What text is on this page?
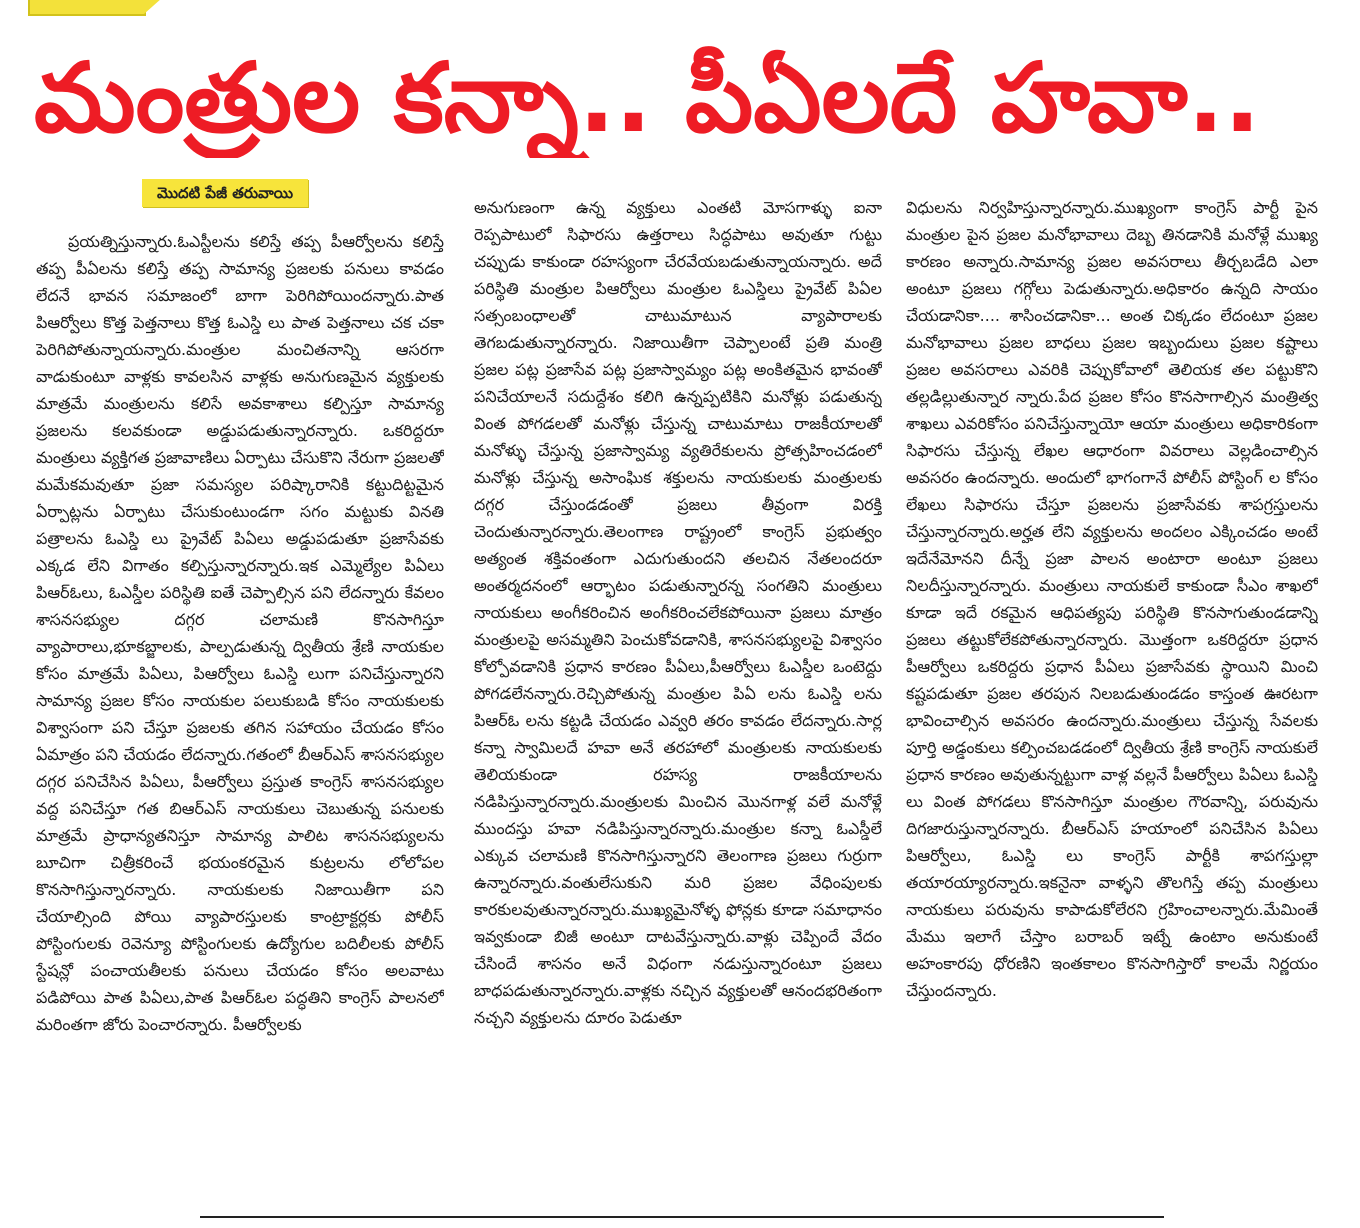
మంత్రుల కన్నా.. పీఏలదే హవా..
మొదటి పేజీ తరువాయి

ప్రయత్నిస్తున్నారు.ఓఎస్టీలను కలిస్తే తప్ప పీఆర్వోలను కలిస్తే తప్ప పీఏలను కలిస్తే తప్ప సామాన్య ప్రజలకు పనులు కావడం లేదనే భావన సమాజంలో బాగా పెరిగిపోయిందన్నారు.పాత పిఆర్వోలు కొత్త పెత్తనాలు కొత్త ఓఎస్డి లు పాత పెత్తనాలు చక చకా పెరిగిపోతున్నాయన్నారు.మంత్రుల మంచితనాన్ని ఆసరగా వాడుకుంటూ వాళ్లకు కావలసిన వాళ్లకు అనుగుణమైన వ్యక్తులకు మాత్రమే మంత్రులను కలిసే అవకాశాలు కల్పిస్తూ సామాన్య ప్రజలను కలవకుండా అడ్డుపడుతున్నారన్నారు. ఒకరిద్దరూ మంత్రులు వ్యక్తిగత ప్రజావాణిలు ఏర్పాటు చేసుకొని నేరుగా ప్రజలతో మమేకమవుతూ ప్రజా సమస్యల పరిష్కారానికి కట్టుదిట్టమైన ఏర్పాట్లను ఏర్పాటు చేసుకుంటుండగా సగం మట్టుకు వినతి పత్రాలను ఓఎస్డి లు ప్రైవేట్ పిఏలు అడ్డుపడుతూ ప్రజాసేవకు ఎక్కడ లేని విగాతం కల్పిస్తున్నారన్నారు.ఇక ఎమ్మెల్యేల పిఏలు పిఆర్ఓలు, ఓఎస్డీల పరిస్థితి ఐతే చెప్పాల్సిన పని లేదన్నారు కేవలం శాసనసభ్యుల దగ్గర చలామణి కొనసాగిస్తూ వ్యాపారాలు,భూకబ్జాలకు, పాల్పడుతున్న ద్వితీయ శ్రేణి నాయకుల కోసం మాత్రమే పిఏలు, పిఆర్వోలు ఓఎస్డి లుగా పనిచేస్తున్నారని సామాన్య ప్రజల కోసం నాయకుల పలుకుబడి కోసం నాయకులకు విశ్వాసంగా పని చేస్తూ ప్రజలకు తగిన సహాయం చేయడం కోసం ఏమాత్రం పని చేయడం లేదన్నారు.గతంలో బీఆర్ఎస్ శాసనసభ్యుల దగ్గర పనిచేసిన పిఏలు, పీఆర్వోలు ప్రస్తుత కాంగ్రెస్ శాసనసభ్యుల వద్ద పనిచేస్తూ గత బిఆర్ఎస్ నాయకులు చెబుతున్న పనులకు మాత్రమే ప్రాధాన్యతనిస్తూ సామాన్య పాలిట శాసనసభ్యులను బూచిగా చిత్రీకరించే భయంకరమైన కుట్రలను లోలోపల కొనసాగిస్తున్నారన్నారు. నాయకులకు నిజాయితీగా పని చేయాల్సింది పోయి వ్యాపారస్తులకు కాంట్రాక్టర్లకు పోలీస్ పోస్టింగులకు రెవెన్యూ పోస్టింగులకు ఉద్యోగుల బదిలీలకు పోలీస్ స్టేషన్లో పంచాయతీలకు పనులు చేయడం కోసం అలవాటు పడిపోయి పాత పిఏలు,పాత పిఆర్ఓల పద్ధతిని కాంగ్రెస్ పాలనలో మరింతగా జోరు పెంచారన్నారు. పీఆర్వోలకు

అనుగుణంగా ఉన్న వ్యక్తులు ఎంతటి మోసగాళ్ళు ఐనా రెప్పపాటులో సిఫారసు ఉత్తరాలు సిద్ధపాటు అవుతూ గుట్టు చప్పుడు కాకుండా రహస్యంగా చేరవేయబడుతున్నాయన్నారు. అదే పరిస్థితి మంత్రుల పిఆర్వోలు మంత్రుల ఓఎస్డిలు ప్రైవేట్ పిఏల సత్సంబంధాలతో చాటుమాటున వ్యాపారాలకు తెగబడుతున్నారన్నారు. నిజాయితీగా చెప్పాలంటే ప్రతి మంత్రి ప్రజల పట్ల ప్రజాసేవ పట్ల ప్రజాస్వామ్యం పట్ల అంకితమైన భావంతో పనిచేయాలనే సదుద్దేశం కలిగి ఉన్నప్పటికిని మనోళ్లు పడుతున్న వింత పోగడలతో మనోళ్లు చేస్తున్న చాటుమాటు రాజకీయాలతో మనోళ్ళు చేస్తున్న ప్రజాస్వామ్య వ్యతిరేకులను ప్రోత్సహించడంలో మనోళ్లు చేస్తున్న అసాంఘిక శక్తులను నాయకులకు మంత్రులకు దగ్గర చేస్తుండడంతో ప్రజలు తీవ్రంగా విరక్తి చెందుతున్నారన్నారు.తెలంగాణ రాష్ట్రంలో కాంగ్రెస్ ప్రభుత్వం అత్యంత శక్తివంతంగా ఎదుగుతుందని తలచిన నేతలందరూ అంతర్మదనంలో ఆర్భాటం పడుతున్నారన్న సంగతిని మంత్రులు నాయకులు అంగీకరించిన అంగీకరించలేకపోయినా ప్రజలు మాత్రం మంత్రులపై అసమ్మతిని పెంచుకోవడానికి, శాసనసభ్యులపై విశ్వాసం కోల్పోవడానికి ప్రధాన కారణం పీఏలు,పీఆర్వోలు ఓఎస్డీల ఒంటెద్దు పోగడలేనన్నారు.రెచ్చిపోతున్న మంత్రుల పిఏ లను ఓఎస్డి లను పిఆర్ఓ లను కట్టడి చేయడం ఎవ్వరి తరం కావడం లేదన్నారు.సార్ల కన్నా స్వామిలదే హవా అనే తరహాలో మంత్రులకు నాయకులకు తెలియకుండా రహస్య రాజకీయాలను నడిపిస్తున్నారన్నారు.మంత్రులకు మించిన మొనగాళ్ల వలే మనోళ్లే ముందస్తు హవా నడిపిస్తున్నారన్నారు.మంత్రుల కన్నా ఓఎస్డీలే ఎక్కువ చలామణి కొనసాగిస్తున్నారని తెలంగాణ ప్రజలు గుర్రుగా ఉన్నారన్నారు.వంతులేసుకుని మరి ప్రజల వేధింపులకు కారకులవుతున్నారన్నారు.ముఖ్యమైనోళ్ళ ఫోన్లకు కూడా సమాధానం ఇవ్వకుండా బిజీ అంటూ దాటవేస్తున్నారు.వాళ్లు చెప్పిందే వేదం చేసిందే శాసనం అనే విధంగా నడుస్తున్నారంటూ ప్రజలు బాధపడుతున్నారన్నారు.వాళ్లకు నచ్చిన వ్యక్తులతో ఆనందభరితంగా నచ్చని వ్యక్తులను దూరం పెడుతూ

విధులను నిర్వహిస్తున్నారన్నారు.ముఖ్యంగా కాంగ్రెస్ పార్టీ పైన మంత్రుల పైన ప్రజల మనోభావాలు దెబ్బ తినడానికి మనోళ్లే ముఖ్య కారణం అన్నారు.సామాన్య ప్రజల అవసరాలు తీర్చబడేది ఎలా అంటూ ప్రజలు గగ్గోలు పెడుతున్నారు.అధికారం ఉన్నది సాయం చేయడానికా.... శాసించడానికా... అంత చిక్కడం లేదంటూ ప్రజల మనోభావాలు ప్రజల బాధలు ప్రజల ఇబ్బందులు ప్రజల కష్టాలు ప్రజల అవసరాలు ఎవరికి చెప్పుకోవాలో తెలియక తల పట్టుకొని తల్లడిల్లుతున్నార న్నారు.పేద ప్రజల కోసం కొనసాగాల్సిన మంత్రిత్వ శాఖలు ఎవరికోసం పనిచేస్తున్నాయో ఆయా మంత్రులు అధికారికంగా సిఫారసు చేస్తున్న లేఖల ఆధారంగా వివరాలు వెల్లడించాల్సిన అవసరం ఉందన్నారు. అందులో భాగంగానే పోలీస్ పోస్టింగ్ ల కోసం లేఖలు సిఫారసు చేస్తూ ప్రజలను ప్రజాసేవకు శాపగ్రస్తులను చేస్తున్నారన్నారు.అర్హత లేని వ్యక్తులను అందలం ఎక్కించడం అంటే ఇదేనేమోనని దీన్నే ప్రజా పాలన అంటారా అంటూ ప్రజలు నిలదీస్తున్నారన్నారు. మంత్రులు నాయకులే కాకుండా సీఎం శాఖలో కూడా ఇదే రకమైన ఆధిపత్యపు పరిస్థితి కొనసాగుతుండడాన్ని ప్రజలు తట్టుకోలేకపోతున్నారన్నారు. మొత్తంగా ఒకరిద్దరూ ప్రధాన పీఆర్వోలు ఒకరిద్దరు ప్రధాన పీఏలు ప్రజాసేవకు స్థాయిని మించి కష్టపడుతూ ప్రజల తరపున నిలబడుతుండడం కాస్తంత ఊరటగా భావించాల్సిన అవసరం ఉందన్నారు.మంత్రులు చేస్తున్న సేవలకు పూర్తి అడ్డంకులు కల్పించబడడంలో ద్వితీయ శ్రేణి కాంగ్రెస్ నాయకులే ప్రధాన కారణం అవుతున్నట్టుగా వాళ్ల వల్లనే పీఆర్వోలు పిఏలు ఓఎస్డి లు వింత పోగడలు కొనసాగిస్తూ మంత్రుల గౌరవాన్ని, పరువును దిగజారుస్తున్నారన్నారు. బీఆర్ఎస్ హయాంలో పనిచేసిన పిఏలు పిఆర్వోలు, ఓఎస్డి లు కాంగ్రెస్ పార్టీకి శాపగస్తుల్లా తయారయ్యారన్నారు.ఇకనైనా వాళ్ళని తొలగిస్తే తప్ప మంత్రులు నాయకులు పరువును కాపాడుకోలేరని గ్రహించాలన్నారు.మేమింతే మేము ఇలాగే చేస్తాం బరాబర్ ఇట్నే ఉంటాం అనుకుంటే అహంకారపు ధోరణిని ఇంతకాలం కొనసాగిస్తారో కాలమే నిర్ణయం చేస్తుందన్నారు.
